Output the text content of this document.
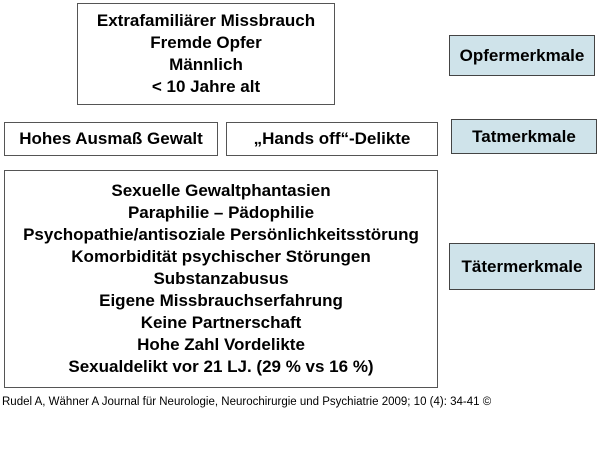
Extrafamiliärer Missbrauch
Fremde Opfer
Männlich
< 10 Jahre alt
Hohes Ausmaß Gewalt	„Hands off“-Delikte
Sexuelle Gewaltphantasien
Paraphilie – Pädophilie
Psychopathie/antisoziale Persönlichkeitsstörung
Komorbidität psychischer Störungen
Substanzabusus
Eigene Missbrauchserfahrung
Keine Partnerschaft
Hohe Zahl Vordelikte
Sexualdelikt vor 21 LJ. (29 % vs 16 %)
Opfermerkmale
Tatmerkmale
Tätermerkmale
Rudel A, Wähner A Journal für Neurologie, Neurochirurgie und Psychiatrie 2009; 10 (4): 34-41 ©
